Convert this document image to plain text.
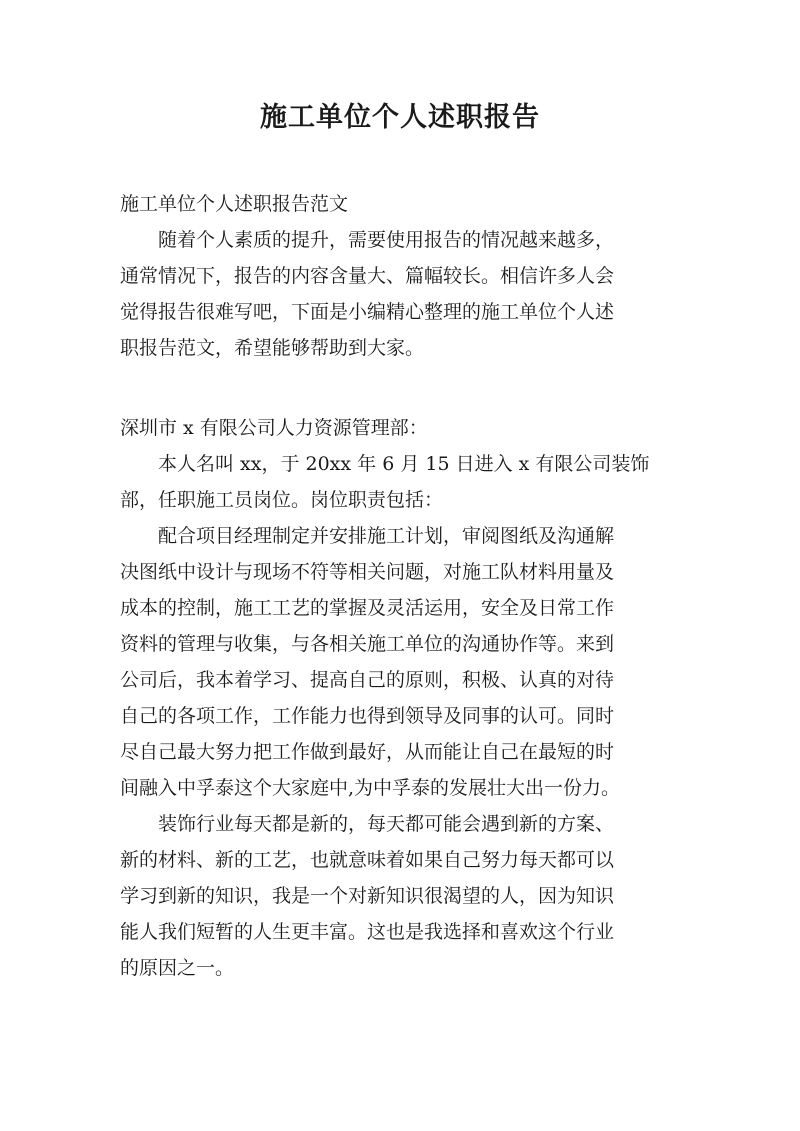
施工单位个人述职报告
施工单位个人述职报告范文
随着个人素质的提升，需要使用报告的情况越来越多，
通常情况下，报告的内容含量大、篇幅较长。相信许多人会
觉得报告很难写吧，下面是小编精心整理的施工单位个人述
职报告范文，希望能够帮助到大家。
深圳市 x 有限公司人力资源管理部：
本人名叫 xx，于 20xx 年 6 月 15 日进入 x 有限公司装饰
部，任职施工员岗位。岗位职责包括：
配合项目经理制定并安排施工计划，审阅图纸及沟通解
决图纸中设计与现场不符等相关问题，对施工队材料用量及
成本的控制，施工工艺的掌握及灵活运用，安全及日常工作
资料的管理与收集，与各相关施工单位的沟通协作等。来到
公司后，我本着学习、提高自己的原则，积极、认真的对待
自己的各项工作，工作能力也得到领导及同事的认可。同时
尽自己最大努力把工作做到最好，从而能让自己在最短的时
间融入中孚泰这个大家庭中,为中孚泰的发展壮大出一份力。
装饰行业每天都是新的，每天都可能会遇到新的方案、
新的材料、新的工艺，也就意味着如果自己努力每天都可以
学习到新的知识，我是一个对新知识很渴望的人，因为知识
能人我们短暂的人生更丰富。这也是我选择和喜欢这个行业
的原因之一。
